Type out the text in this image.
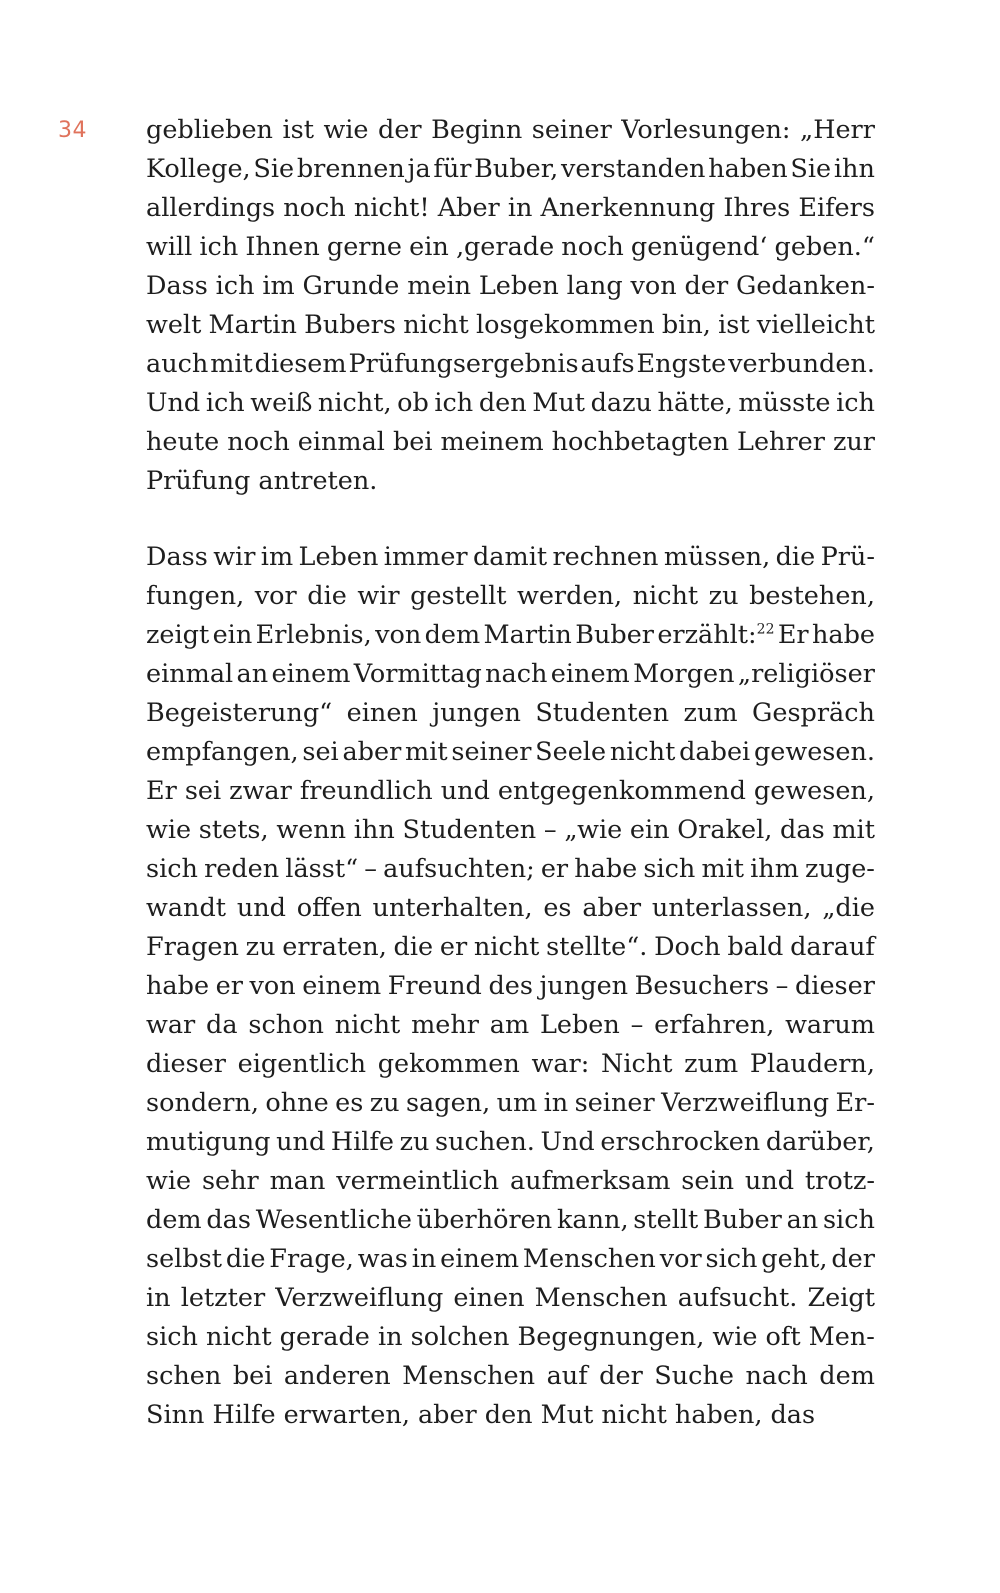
34 geblieben ist wie der Beginn seiner Vorlesungen: „Herr
Kollege, Sie brennen ja für Buber, verstanden haben Sie ihn
allerdings noch nicht! Aber in Anerkennung Ihres Eifers
will ich Ihnen gerne ein ‚gerade noch genügend‘ geben.“
Dass ich im Grunde mein Leben lang von der Gedanken-
welt Martin Bubers nicht losgekommen bin, ist vielleicht
auch mit diesem Prüfungsergebnis aufs Engste verbunden.
Und ich weiß nicht, ob ich den Mut dazu hätte, müsste ich
heute noch einmal bei meinem hochbetagten Lehrer zur
Prüfung antreten.
Dass wir im Leben immer damit rechnen müssen, die Prü-
fungen, vor die wir gestellt werden, nicht zu bestehen,
zeigt ein Erlebnis, von dem Martin Buber erzählt:$^{22}$ Er habe
einmal an einem Vormittag nach einem Morgen „religiöser
Begeisterung“ einen jungen Studenten zum Gespräch
empfangen, sei aber mit seiner Seele nicht dabei gewesen.
Er sei zwar freundlich und entgegenkommend gewesen,
wie stets, wenn ihn Studenten – „wie ein Orakel, das mit
sich reden lässt“ – aufsuchten; er habe sich mit ihm zuge-
wandt und offen unterhalten, es aber unterlassen, „die
Fragen zu erraten, die er nicht stellte“. Doch bald darauf
habe er von einem Freund des jungen Besuchers – dieser
war da schon nicht mehr am Leben – erfahren, warum
dieser eigentlich gekommen war: Nicht zum Plaudern,
sondern, ohne es zu sagen, um in seiner Verzweiflung Er-
mutigung und Hilfe zu suchen. Und erschrocken darüber,
wie sehr man vermeintlich aufmerksam sein und trotz-
dem das Wesentliche überhören kann, stellt Buber an sich
selbst die Frage, was in einem Menschen vor sich geht, der
in letzter Verzweiflung einen Menschen aufsucht. Zeigt
sich nicht gerade in solchen Begegnungen, wie oft Men-
schen bei anderen Menschen auf der Suche nach dem
Sinn Hilfe erwarten, aber den Mut nicht haben, das
